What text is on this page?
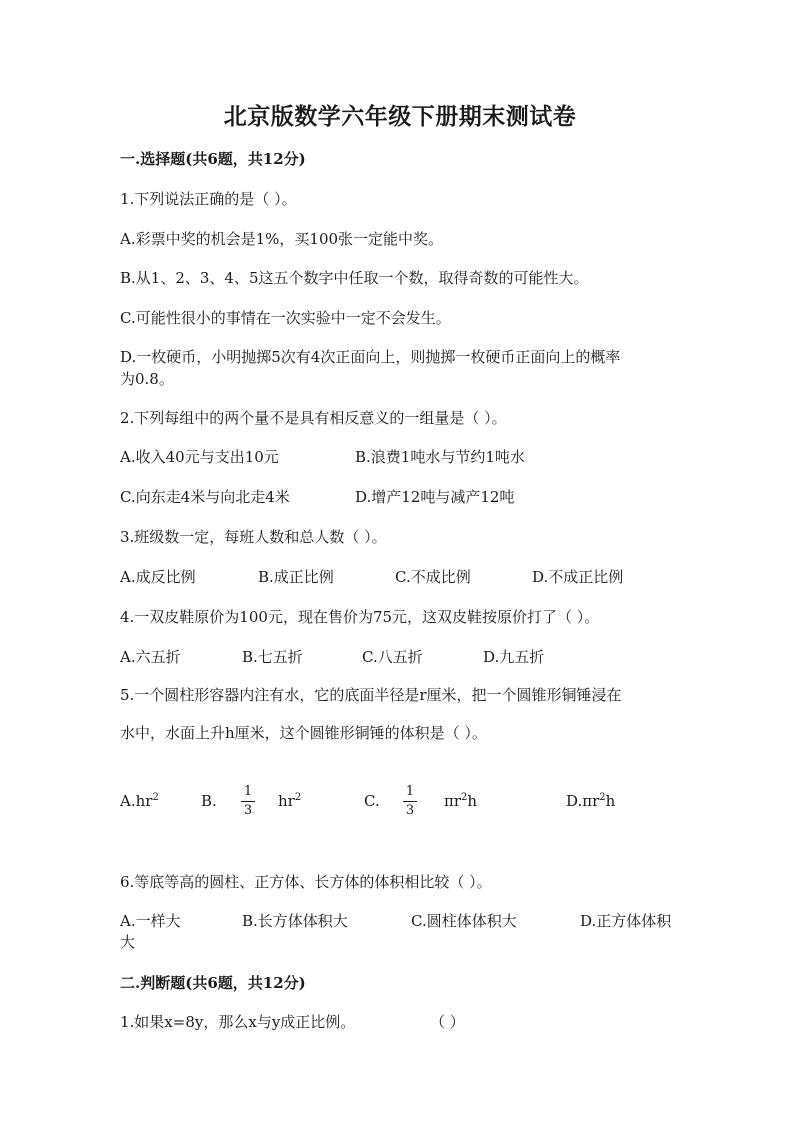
北京版数学六年级下册期末测试卷
一.选择题(共6题，共12分)
1.下列说法正确的是（ ）。
A.彩票中奖的机会是1%，买100张一定能中奖。
B.从1、2、3、4、5这五个数字中任取一个数，取得奇数的可能性大。
C.可能性很小的事情在一次实验中一定不会发生。
D.一枚硬币，小明抛掷5次有4次正面向上，则抛掷一枚硬币正面向上的概率
为0.8。
2.下列每组中的两个量不是具有相反意义的一组量是（ ）。
A.收入40元与支出10元	B.浪费1吨水与节约1吨水
C.向东走4米与向北走4米	D.增产12吨与减产12吨
3.班级数一定，每班人数和总人数（ ）。
A.成反比例	B.成正比例	C.不成比例	D.不成正比例
4.一双皮鞋原价为100元，现在售价为75元，这双皮鞋按原价打了（ ）。
A.六五折	B.七五折	C.八五折	D.九五折
5.一个圆柱形容器内注有水，它的底面半径是r厘米，把一个圆锥形铜锤浸在
水中，水面上升h厘米，这个圆锥形铜锤的体积是（ ）。
$A.hr^2$	B. $\frac{1}{3} hr^2$	C. $\frac{1}{3} \pi r^2h$	$D.\pi r^2h$
6.等底等高的圆柱、正方体、长方体的体积相比较（ ）。
A.一样大	B.长方体体积大	C.圆柱体体积大	D.正方体体积
大
二.判断题(共6题，共12分)
1.如果x=8y，那么x与y成正比例。	（ ）
